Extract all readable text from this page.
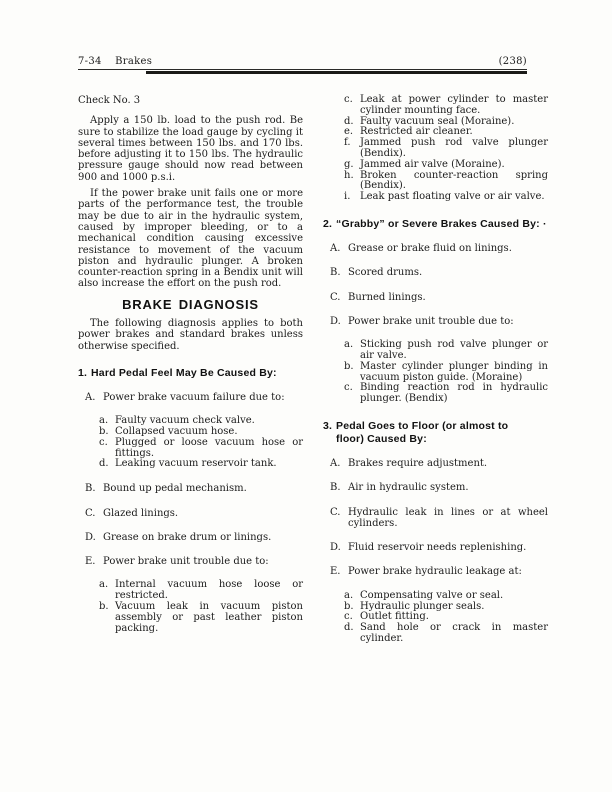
7-34 Brakes	(238)
Check No. 3

Apply a 150 lb. load to the push rod. Be sure to stabilize the load gauge by cycling it several times between 150 lbs. and 170 lbs. before adjusting it to 150 lbs. The hydraulic pressure gauge should now read between 900 and 1000 p.s.i.

If the power brake unit fails one or more parts of the performance test, the trouble may be due to air in the hydraulic system, caused by improper bleeding, or to a mechanical condition causing excessive resistance to movement of the vacuum piston and hydraulic plunger. A broken counter-reaction spring in a Bendix unit will also increase the effort on the push rod.

BRAKE DIAGNOSIS

The following diagnosis applies to both power brakes and standard brakes unless otherwise specified.

1. Hard Pedal Feel May Be Caused By:
A. Power brake vacuum failure due to:
a. Faulty vacuum check valve.
b. Collapsed vacuum hose.
c. Plugged or loose vacuum hose or fittings.
d. Leaking vacuum reservoir tank.
B. Bound up pedal mechanism.
C. Glazed linings.
D. Grease on brake drum or linings.
E. Power brake unit trouble due to:
a. Internal vacuum hose loose or restricted.
b. Vacuum leak in vacuum piston assembly or past leather piston packing.
c. Leak at power cylinder to master cylinder mounting face.
d. Faulty vacuum seal (Moraine).
e. Restricted air cleaner.
f. Jammed push rod valve plunger (Bendix).
g. Jammed air valve (Moraine).
h. Broken counter-reaction spring (Bendix).
i. Leak past floating valve or air valve.
2. “Grabby” or Severe Brakes Caused By: ·
A. Grease or brake fluid on linings.
B. Scored drums.
C. Burned linings.
D. Power brake unit trouble due to:
a. Sticking push rod valve plunger or air valve.
b. Master cylinder plunger binding in vacuum piston guide. (Moraine)
c. Binding reaction rod in hydraulic plunger. (Bendix)
3. Pedal Goes to Floor (or almost to
floor) Caused By:
A. Brakes require adjustment.
B. Air in hydraulic system.
C. Hydraulic leak in lines or at wheel cylinders.
D. Fluid reservoir needs replenishing.
E. Power brake hydraulic leakage at:
a. Compensating valve or seal.
b. Hydraulic plunger seals.
c. Outlet fitting.
d. Sand hole or crack in master cylinder.
